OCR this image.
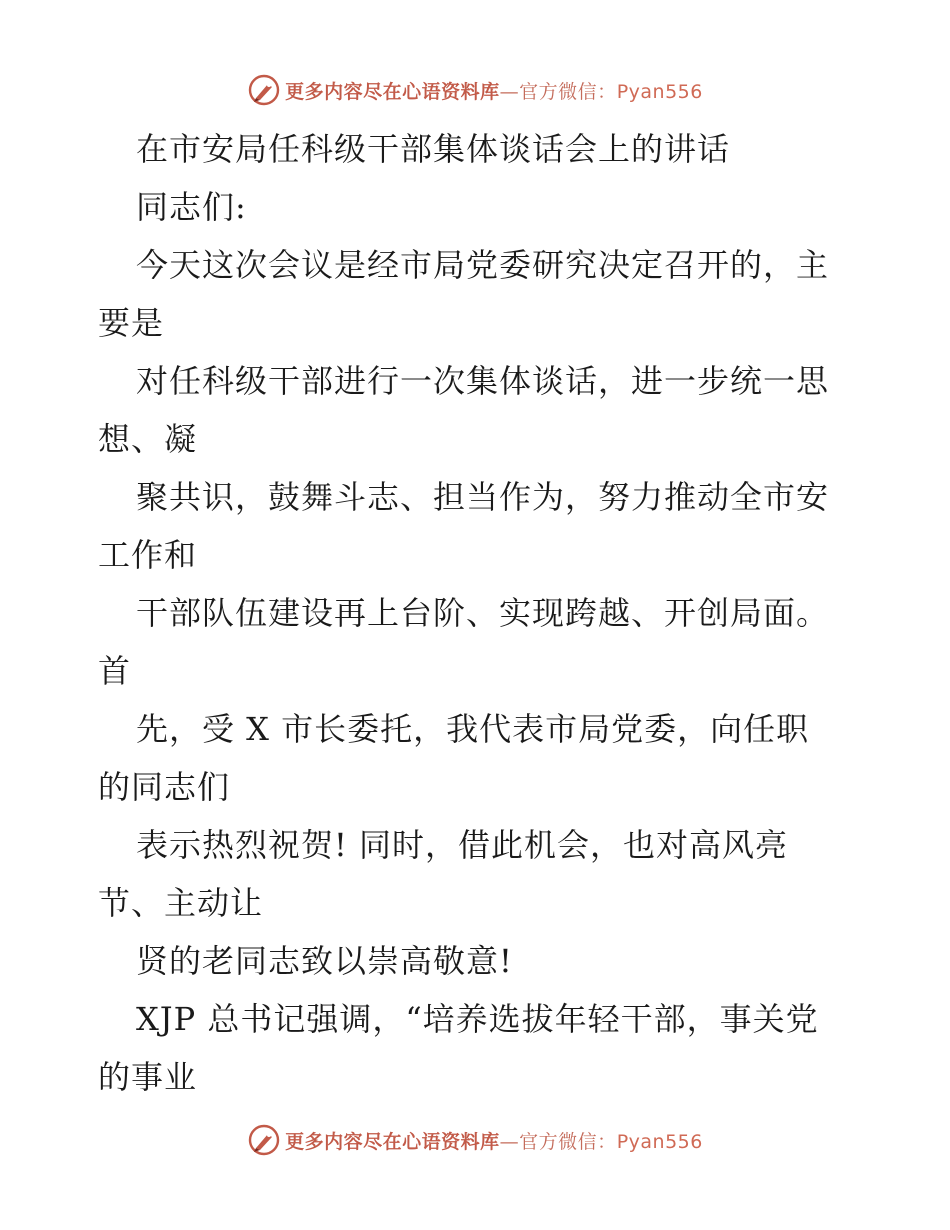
更多内容尽在心语资料库—官方微信：Pyan556
在市安局任科级干部集体谈话会上的讲话
同志们:
今天这次会议是经市局党委研究决定召开的，主
要是
对任科级干部进行一次集体谈话，进一步统一思
想、凝
聚共识，鼓舞斗志、担当作为，努力推动全市安
工作和
干部队伍建设再上台阶、实现跨越、开创局面。
首
先，受 X 市长委托，我代表市局党委，向任职
的同志们
表示热烈祝贺! 同时，借此机会，也对高风亮
节、主动让
贤的老同志致以崇高敬意!
XJP 总书记强调，“培养选拔年轻干部，事关党
的事业
更多内容尽在心语资料库—官方微信：Pyan556
